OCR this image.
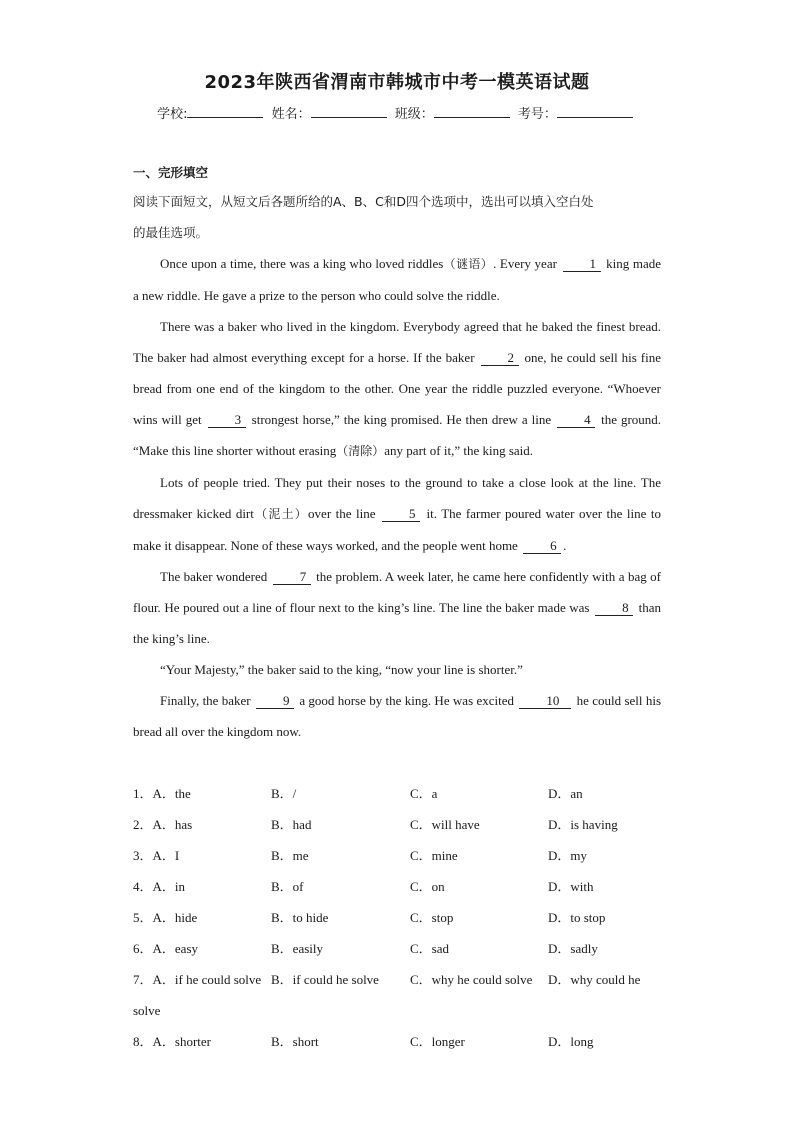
2023年陕西省渭南市韩城市中考一模英语试题
学校:	姓名：	班级：	考号：
一、完形填空
阅读下面短文，从短文后各题所给的A、B、C和D四个选项中，选出可以填入空白处
的最佳选项。

Once upon a time, there was a king who loved riddles（谜语）. Every year	1 king made a new riddle. He gave a prize to the person who could solve the riddle.

There was a baker who lived in the kingdom. Everybody agreed that he baked the finest bread. The baker had almost everything except for a horse. If the baker	2 one, he could sell his fine bread from one end of the kingdom to the other. One year the riddle puzzled everyone. “Whoever wins will get	3 strongest horse,” the king promised. He then drew a line	4 the ground. “Make this line shorter without erasing（清除）any part of it,” the king said.

Lots of people tried. They put their noses to the ground to take a close look at the line. The dressmaker kicked dirt（泥土）over the line	5 it. The farmer poured water over the line to make it disappear. None of these ways worked, and the people went home 6 .

The baker wondered 7 the problem. A week later, he came here confidently with a bag of flour. He poured out a line of flour next to the king’s line. The line the baker made was	8 than the king’s line.

“Your Majesty,” the baker said to the king, “now your line is shorter.”

Finally, the baker 9 a good horse by the king. He was excited 10 he could sell his bread all over the kingdom now.

1．A．the	B．/	C．a	D．an
2．A．has	B．had	C．will have	D．is having
3．A．I	B．me	C．mine	D．my
4．A．in	B．of	C．on	D．with
5．A．hide	B．to hide	C．stop	D．to stop
6．A．easy	B．easily	C．sad	D．sadly
7．A．if he could solve B．if could he solve C．why he could solve D．why could he
solve
8．A．shorter	B．short	C．longer	D．long
